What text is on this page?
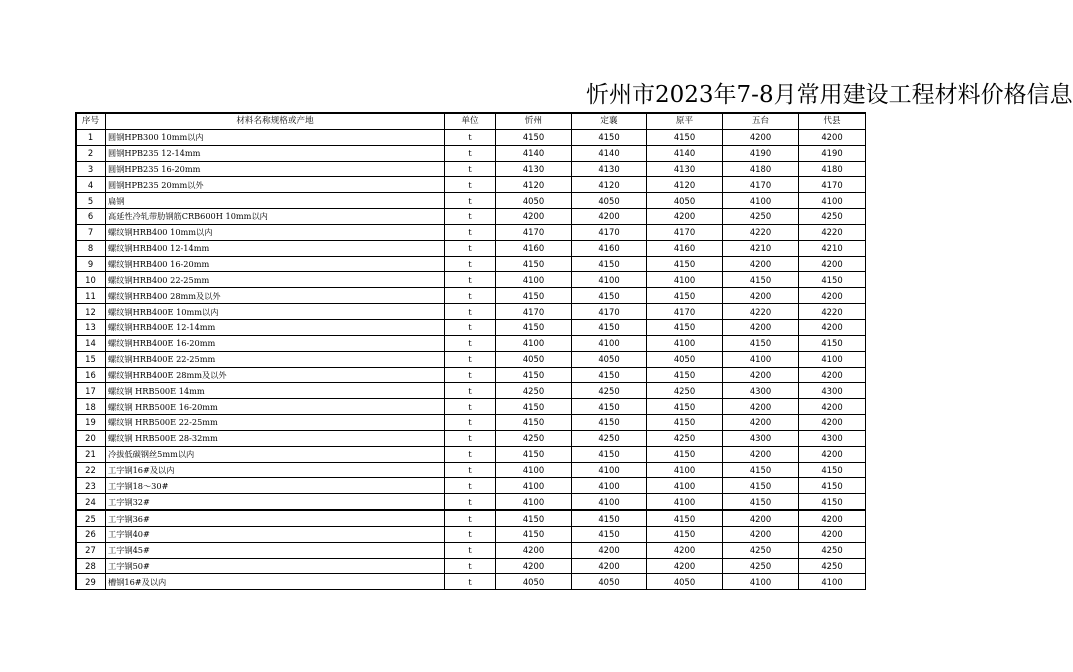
忻州市2023年7-8月常用建设工程材料价格信息
序号	材料名称规格或产地	单位	忻州	定襄	原平	五台	代县
1	圆钢HPB300 10mm以内	t	4150	4150	4150	4200	4200
2	圆钢HPB235 12-14mm	t	4140	4140	4140	4190	4190
3	圆钢HPB235 16-20mm	t	4130	4130	4130	4180	4180
4	圆钢HPB235 20mm以外	t	4120	4120	4120	4170	4170
5	扁钢	t	4050	4050	4050	4100	4100
6	高延性冷轧带肋钢筋CRB600H 10mm以内	t	4200	4200	4200	4250	4250
7	螺纹钢HRB400 10mm以内	t	4170	4170	4170	4220	4220
8	螺纹钢HRB400 12-14mm	t	4160	4160	4160	4210	4210
9	螺纹钢HRB400 16-20mm	t	4150	4150	4150	4200	4200
10	螺纹钢HRB400 22-25mm	t	4100	4100	4100	4150	4150
11	螺纹钢HRB400 28mm及以外	t	4150	4150	4150	4200	4200
12	螺纹钢HRB400E 10mm以内	t	4170	4170	4170	4220	4220
13	螺纹钢HRB400E 12-14mm	t	4150	4150	4150	4200	4200
14	螺纹钢HRB400E 16-20mm	t	4100	4100	4100	4150	4150
15	螺纹钢HRB400E 22-25mm	t	4050	4050	4050	4100	4100
16	螺纹钢HRB400E 28mm及以外	t	4150	4150	4150	4200	4200
17	螺纹钢 HRB500E 14mm	t	4250	4250	4250	4300	4300
18	螺纹钢 HRB500E 16-20mm	t	4150	4150	4150	4200	4200
19	螺纹钢 HRB500E 22-25mm	t	4150	4150	4150	4200	4200
20	螺纹钢 HRB500E 28-32mm	t	4250	4250	4250	4300	4300
21	冷拔低碳钢丝5mm以内	t	4150	4150	4150	4200	4200
22	工字钢16#及以内	t	4100	4100	4100	4150	4150
23	工字钢18～30#	t	4100	4100	4100	4150	4150
24	工字钢32#	t	4100	4100	4100	4150	4150
25	工字钢36#	t	4150	4150	4150	4200	4200
26	工字钢40#	t	4150	4150	4150	4200	4200
27	工字钢45#	t	4200	4200	4200	4250	4250
28	工字钢50#	t	4200	4200	4200	4250	4250
29	槽钢16#及以内	t	4050	4050	4050	4100	4100
